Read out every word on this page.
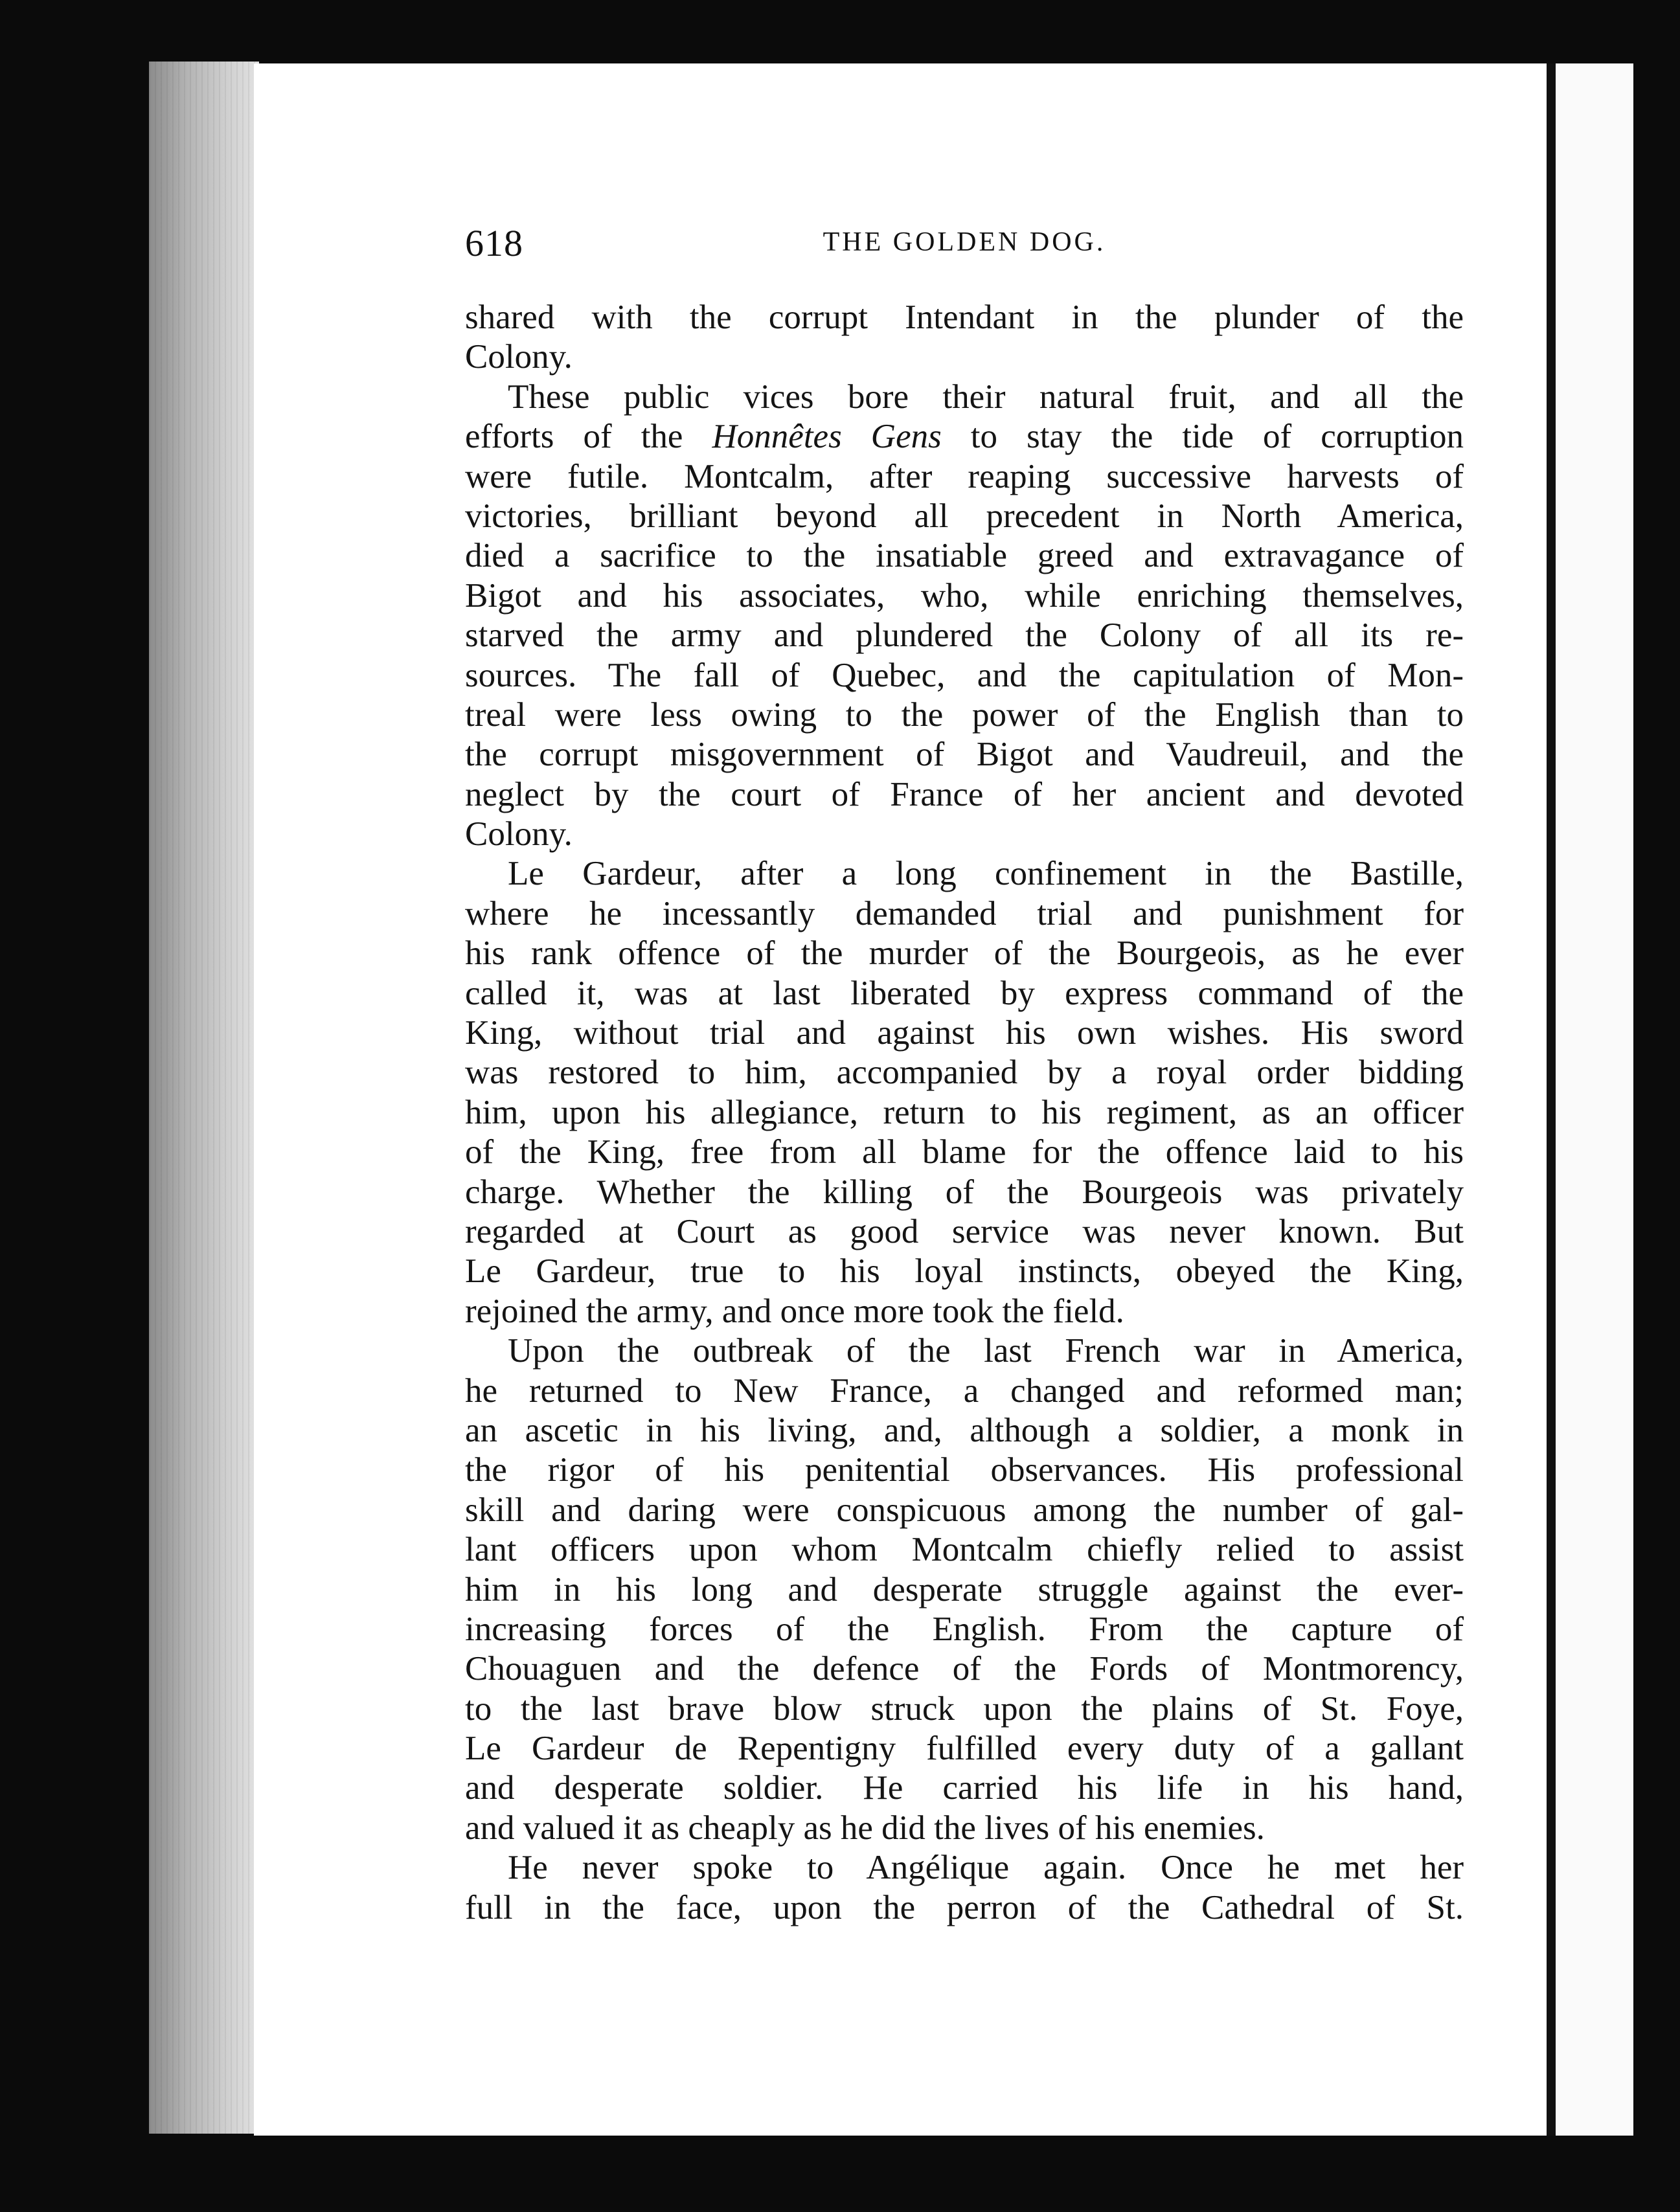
618	THE GOLDEN DOG.
shared with the corrupt Intendant in the plunder of the
Colony.
These public vices bore their natural fruit, and all the
efforts of the Honnêtes Gens to stay the tide of corruption
were futile. Montcalm, after reaping successive harvests of
victories, brilliant beyond all precedent in North America,
died a sacrifice to the insatiable greed and extravagance of
Bigot and his associates, who, while enriching themselves,
starved the army and plundered the Colony of all its re-
sources. The fall of Quebec, and the capitulation of Mon-
treal were less owing to the power of the English than to
the corrupt misgovernment of Bigot and Vaudreuil, and the
neglect by the court of France of her ancient and devoted
Colony.
Le Gardeur, after a long confinement in the Bastille,
where he incessantly demanded trial and punishment for
his rank offence of the murder of the Bourgeois, as he ever
called it, was at last liberated by express command of the
King, without trial and against his own wishes. His sword
was restored to him, accompanied by a royal order bidding
him, upon his allegiance, return to his regiment, as an officer
of the King, free from all blame for the offence laid to his
charge. Whether the killing of the Bourgeois was privately
regarded at Court as good service was never known. But
Le Gardeur, true to his loyal instincts, obeyed the King,
rejoined the army, and once more took the field.
Upon the outbreak of the last French war in America,
he returned to New France, a changed and reformed man;
an ascetic in his living, and, although a soldier, a monk in
the rigor of his penitential observances. His professional
skill and daring were conspicuous among the number of gal-
lant officers upon whom Montcalm chiefly relied to assist
him in his long and desperate struggle against the ever-
increasing forces of the English. From the capture of
Chouaguen and the defence of the Fords of Montmorency,
to the last brave blow struck upon the plains of St. Foye,
Le Gardeur de Repentigny fulfilled every duty of a gallant
and desperate soldier. He carried his life in his hand,
and valued it as cheaply as he did the lives of his enemies.
He never spoke to Angélique again. Once he met her
full in the face, upon the perron of the Cathedral of St.
